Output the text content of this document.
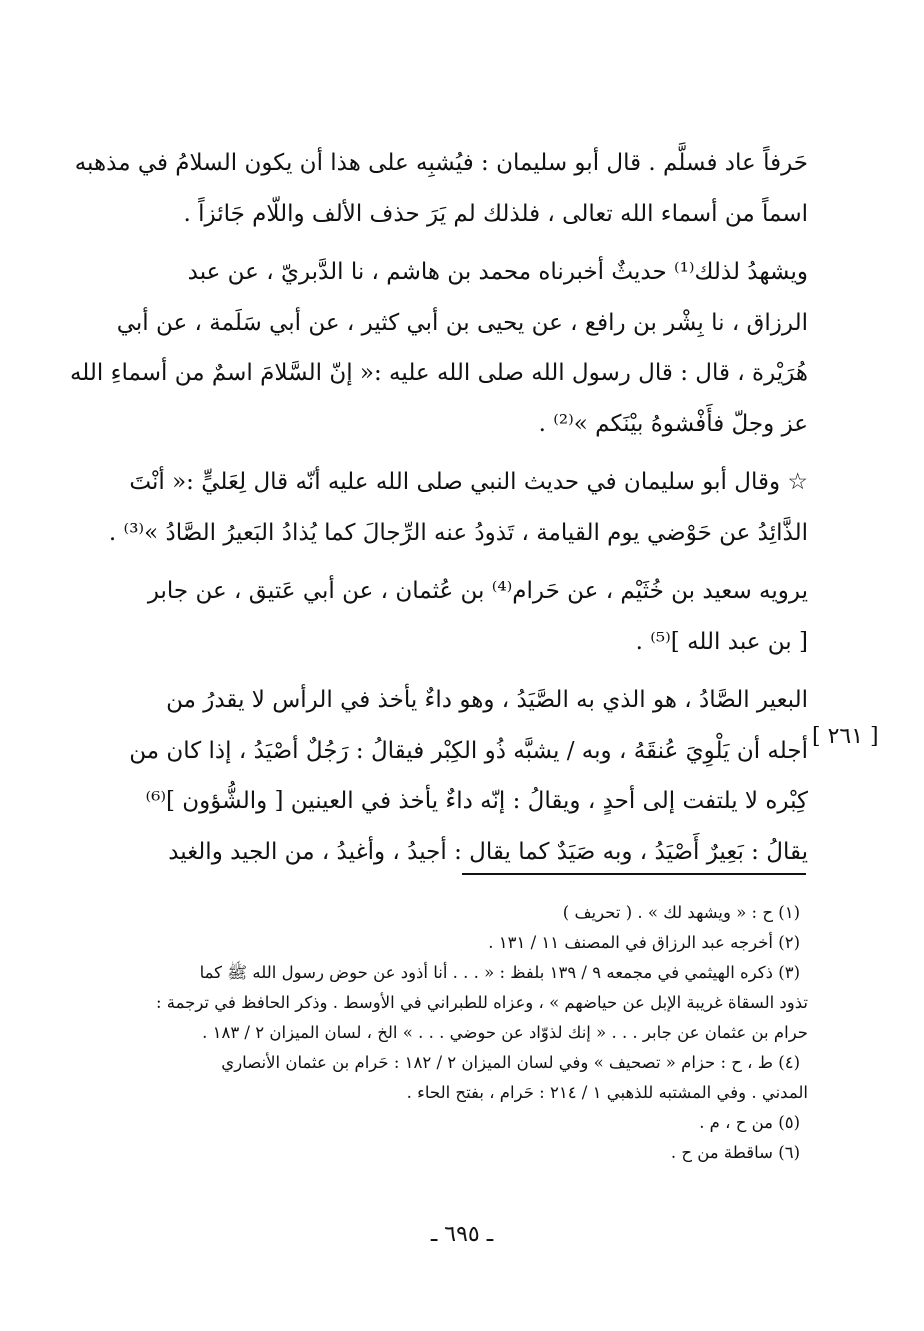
حَرفاً عاد فسلَّم . قال أبو سليمان : فيُشبِه على هذا أن يكون السلامُ في مذهبه
اسماً من أسماء الله تعالى ، فلذلك لم يَرَ حذف الألف واللّام جَائزاً .

ويشهدُ لذلك⁽¹⁾ حديثٌ أخبرناه محمد بن هاشم ، نا الدَّبريّ ، عن عبد
الرزاق ، نا بِشْر بن رافع ، عن يحيى بن أبي كثير ، عن أبي سَلَمة ، عن أبي
هُرَيْرة ، قال : قال رسول الله صلى الله عليه :« إنّ السَّلامَ اسمٌ من أسماءِ الله
عز وجلّ فأَفْشوهُ بيْنَكم »⁽²⁾ .

☆ وقال أبو سليمان في حديث النبي صلى الله عليه أنّه قال لِعَليٍّ :« أنْتَ
الذَّائِدُ عن حَوْضي يوم القيامة ، تَذودُ عنه الرِّجالَ كما يُذادُ البَعيرُ الصَّادُ »⁽³⁾ .

يرويه سعيد بن خُثَيْم ، عن حَرام⁽⁴⁾ بن عُثمان ، عن أبي عَتيق ، عن جابر
[ بن عبد الله ]⁽⁵⁾ .

البعير الصَّادُ ، هو الذي به الصَّيَدُ ، وهو داءٌ يأخذ في الرأس لا يقدرُ من
أجله أن يَلْوِيَ عُنقَهُ ، وبه / يشبَّه ذُو الكِبْر فيقالُ : رَجُلٌ أصْيَدُ ، إذا كان من
كِبْره لا يلتفت إلى أحدٍ ، ويقالُ : إنّه داءٌ يأخذ في العينين [ والشُّؤون ]⁽⁶⁾
يقالُ : بَعِيرٌ أَصْيَدُ ، وبه صَيَدٌ كما يقال : أجيدُ ، وأغيدُ ، من الجيد والغيد

[ ٢٦١ ]
(١) ح : « ويشهد لك » . ( تحريف )
(٢) أخرجه عبد الرزاق في المصنف ١١ / ١٣١ .
(٣) ذكره الهيثمي في مجمعه ٩ / ١٣٩ بلفظ : « . . . أنا أذود عن حوض رسول الله ﷺ كما
تذود السقاة غريبة الإبل عن حياضهم » ، وعزاه للطبراني في الأوسط . وذكر الحافظ في ترجمة :
حرام بن عثمان عن جابر . . . « إنك لذوّاد عن حوضي . . . » الخ ، لسان الميزان ٢ / ١٨٣ .
(٤) ط ، ح : حزام « تصحيف » وفي لسان الميزان ٢ / ١٨٢ : حَرام بن عثمان الأنصاري
المدني . وفي المشتبه للذهبي ١ / ٢١٤ : حَرام ، بفتح الحاء .
(٥) من ح ، م .
(٦) ساقطة من ح .
ـ ٦٩٥ ـ
